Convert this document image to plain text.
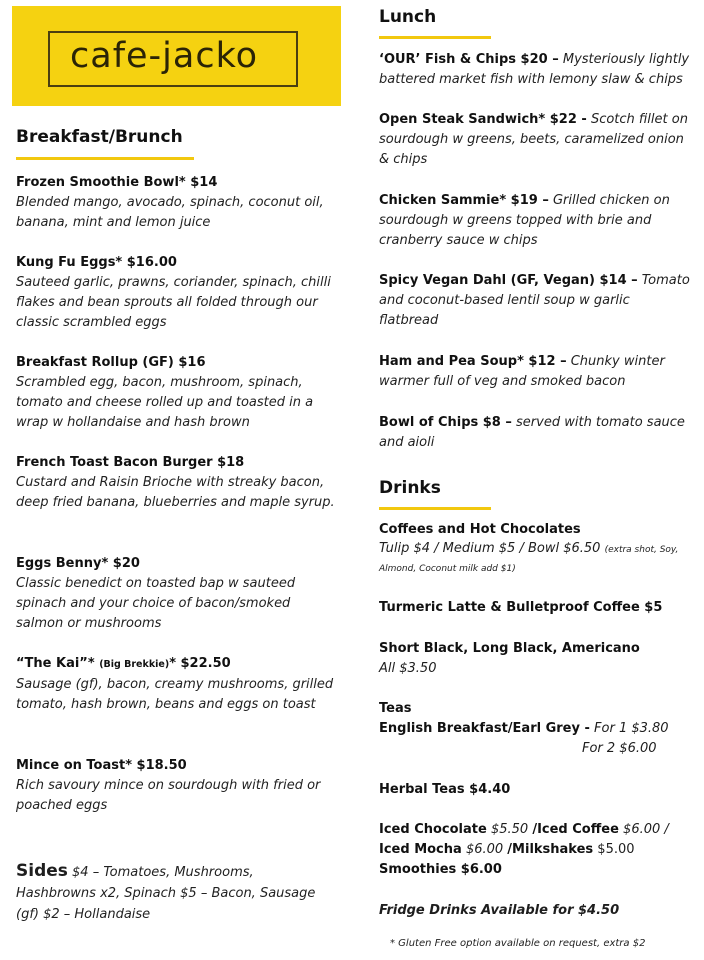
cafe-jacko
Breakfast/Brunch
Frozen Smoothie Bowl* $14
Blended mango, avocado, spinach, coconut oil, banana, mint and lemon juice
Kung Fu Eggs* $16.00
Sauteed garlic, prawns, coriander, spinach, chilli flakes and bean sprouts all folded through our classic scrambled eggs
Breakfast Rollup (GF) $16
Scrambled egg, bacon, mushroom, spinach, tomato and cheese rolled up and toasted in a wrap w hollandaise and hash brown
French Toast Bacon Burger $18
Custard and Raisin Brioche with streaky bacon, deep fried banana, blueberries and maple syrup.
Eggs Benny* $20
Classic benedict on toasted bap w sauteed spinach and your choice of bacon/smoked salmon or mushrooms
“The Kai”* (Big Brekkie)* $22.50
Sausage (gf), bacon, creamy mushrooms, grilled tomato, hash brown, beans and eggs on toast
Mince on Toast* $18.50
Rich savoury mince on sourdough with fried or poached eggs
Sides $4 – Tomatoes, Mushrooms, Hashbrowns x2, Spinach $5 – Bacon, Sausage (gf) $2 – Hollandaise
Lunch
‘OUR’ Fish & Chips $20 – Mysteriously lightly battered market fish with lemony slaw & chips
Open Steak Sandwich* $22 - Scotch fillet on sourdough w greens, beets, caramelized onion & chips
Chicken Sammie* $19 – Grilled chicken on sourdough w greens topped with brie and cranberry sauce w chips
Spicy Vegan Dahl (GF, Vegan) $14 – Tomato and coconut-based lentil soup w garlic flatbread
Ham and Pea Soup* $12 – Chunky winter warmer full of veg and smoked bacon
Bowl of Chips $8 – served with tomato sauce and aioli
Drinks
Coffees and Hot Chocolates
Tulip $4 / Medium $5 / Bowl $6.50 (extra shot, Soy, Almond, Coconut milk add $1)
Turmeric Latte & Bulletproof Coffee $5
Short Black, Long Black, Americano
All $3.50
Teas
English Breakfast/Earl Grey - For 1 $3.80
For 2 $6.00
Herbal Teas $4.40
Iced Chocolate $5.50 /Iced Coffee $6.00 /
Iced Mocha $6.00 /Milkshakes $5.00
Smoothies $6.00
Fridge Drinks Available for $4.50
* Gluten Free option available on request, extra $2
